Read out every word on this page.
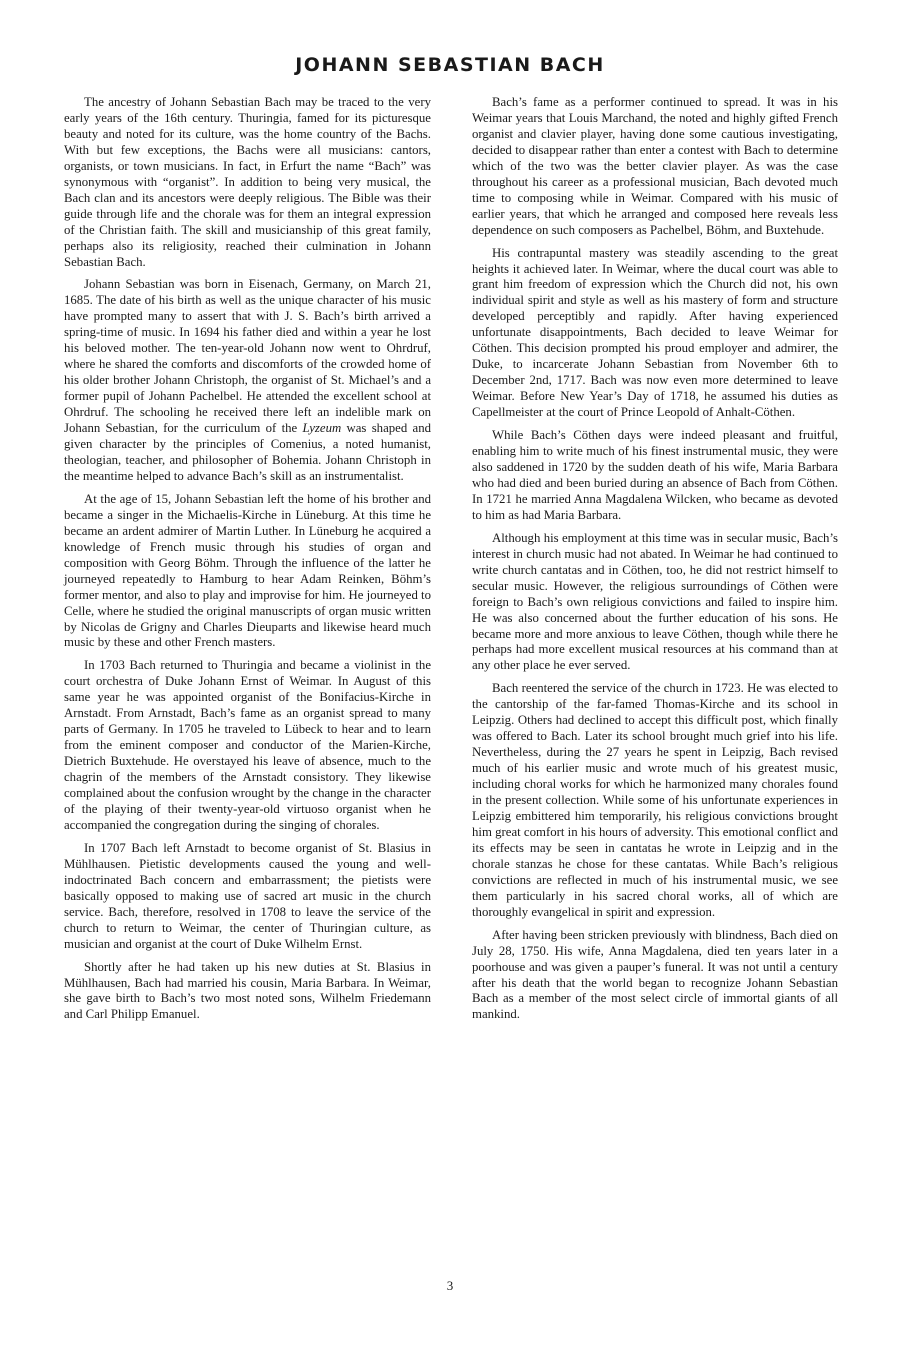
JOHANN SEBASTIAN BACH

The ancestry of Johann Sebastian Bach may be traced to the very early years of the 16th century. Thuringia, famed for its picturesque beauty and noted for its culture, was the home country of the Bachs. With but few exceptions, the Bachs were all musicians: cantors, organists, or town musicians. In fact, in Erfurt the name “Bach” was synonymous with “organist”. In addition to being very musical, the Bach clan and its ancestors were deeply religious. The Bible was their guide through life and the chorale was for them an integral expression of the Christian faith. The skill and musicianship of this great family, perhaps also its religiosity, reached their culmination in Johann Sebastian Bach.

Johann Sebastian was born in Eisenach, Germany, on March 21, 1685. The date of his birth as well as the unique character of his music have prompted many to assert that with J. S. Bach’s birth arrived a spring-time of music. In 1694 his father died and within a year he lost his beloved mother. The ten-year-old Johann now went to Ohrdruf, where he shared the comforts and discomforts of the crowded home of his older brother Johann Christoph, the organist of St. Michael’s and a former pupil of Johann Pachelbel. He attended the excellent school at Ohrdruf. The schooling he received there left an indelible mark on Johann Sebastian, for the curriculum of the Lyzeum was shaped and given character by the principles of Comenius, a noted humanist, theologian, teacher, and philosopher of Bohemia. Johann Christoph in the meantime helped to advance Bach’s skill as an instrumentalist.

At the age of 15, Johann Sebastian left the home of his brother and became a singer in the Michaelis-Kirche in Lüneburg. At this time he became an ardent admirer of Martin Luther. In Lüneburg he acquired a knowledge of French music through his studies of organ and composition with Georg Böhm. Through the influence of the latter he journeyed repeatedly to Hamburg to hear Adam Reinken, Böhm’s former mentor, and also to play and improvise for him. He journeyed to Celle, where he studied the original manuscripts of organ music written by Nicolas de Grigny and Charles Dieuparts and likewise heard much music by these and other French masters.

In 1703 Bach returned to Thuringia and became a violinist in the court orchestra of Duke Johann Ernst of Weimar. In August of this same year he was appointed organist of the Bonifacius-Kirche in Arnstadt. From Arnstadt, Bach’s fame as an organist spread to many parts of Germany. In 1705 he traveled to Lübeck to hear and to learn from the eminent composer and conductor of the Marien-Kirche, Dietrich Buxtehude. He overstayed his leave of absence, much to the chagrin of the members of the Arnstadt consistory. They likewise complained about the confusion wrought by the change in the character of the playing of their twenty-year-old virtuoso organist when he accompanied the congregation during the singing of chorales.

In 1707 Bach left Arnstadt to become organist of St. Blasius in Mühlhausen. Pietistic developments caused the young and well-indoctrinated Bach concern and embarrassment; the pietists were basically opposed to making use of sacred art music in the church service. Bach, therefore, resolved in 1708 to leave the service of the church to return to Weimar, the center of Thuringian culture, as musician and organist at the court of Duke Wilhelm Ernst.

Shortly after he had taken up his new duties at St. Blasius in Mühlhausen, Bach had married his cousin, Maria Barbara. In Weimar, she gave birth to Bach’s two most noted sons, Wilhelm Friedemann and Carl Philipp Emanuel.

Bach’s fame as a performer continued to spread. It was in his Weimar years that Louis Marchand, the noted and highly gifted French organist and clavier player, having done some cautious investigating, decided to disappear rather than enter a contest with Bach to determine which of the two was the better clavier player. As was the case throughout his career as a professional musician, Bach devoted much time to composing while in Weimar. Compared with his music of earlier years, that which he arranged and composed here reveals less dependence on such composers as Pachelbel, Böhm, and Buxtehude.

His contrapuntal mastery was steadily ascending to the great heights it achieved later. In Weimar, where the ducal court was able to grant him freedom of expression which the Church did not, his own individual spirit and style as well as his mastery of form and structure developed perceptibly and rapidly. After having experienced unfortunate disappointments, Bach decided to leave Weimar for Cöthen. This decision prompted his proud employer and admirer, the Duke, to incarcerate Johann Sebastian from November 6th to December 2nd, 1717. Bach was now even more determined to leave Weimar. Before New Year’s Day of 1718, he assumed his duties as Capellmeister at the court of Prince Leopold of Anhalt-Cöthen.

While Bach’s Cöthen days were indeed pleasant and fruitful, enabling him to write much of his finest instrumental music, they were also saddened in 1720 by the sudden death of his wife, Maria Barbara who had died and been buried during an absence of Bach from Cöthen. In 1721 he married Anna Magdalena Wilcken, who became as devoted to him as had Maria Barbara.

Although his employment at this time was in secular music, Bach’s interest in church music had not abated. In Weimar he had continued to write church cantatas and in Cöthen, too, he did not restrict himself to secular music. However, the religious surroundings of Cöthen were foreign to Bach’s own religious convictions and failed to inspire him. He was also concerned about the further education of his sons. He became more and more anxious to leave Cöthen, though while there he perhaps had more excellent musical resources at his command than at any other place he ever served.

Bach reentered the service of the church in 1723. He was elected to the cantorship of the far-famed Thomas-Kirche and its school in Leipzig. Others had declined to accept this difficult post, which finally was offered to Bach. Later its school brought much grief into his life. Nevertheless, during the 27 years he spent in Leipzig, Bach revised much of his earlier music and wrote much of his greatest music, including choral works for which he harmonized many chorales found in the present collection. While some of his unfortunate experiences in Leipzig embittered him temporarily, his religious convictions brought him great comfort in his hours of adversity. This emotional conflict and its effects may be seen in cantatas he wrote in Leipzig and in the chorale stanzas he chose for these cantatas. While Bach’s religious convictions are reflected in much of his instrumental music, we see them particularly in his sacred choral works, all of which are thoroughly evangelical in spirit and expression.

After having been stricken previously with blindness, Bach died on July 28, 1750. His wife, Anna Magdalena, died ten years later in a poorhouse and was given a pauper’s funeral. It was not until a century after his death that the world began to recognize Johann Sebastian Bach as a member of the most select circle of immortal giants of all mankind.

3
